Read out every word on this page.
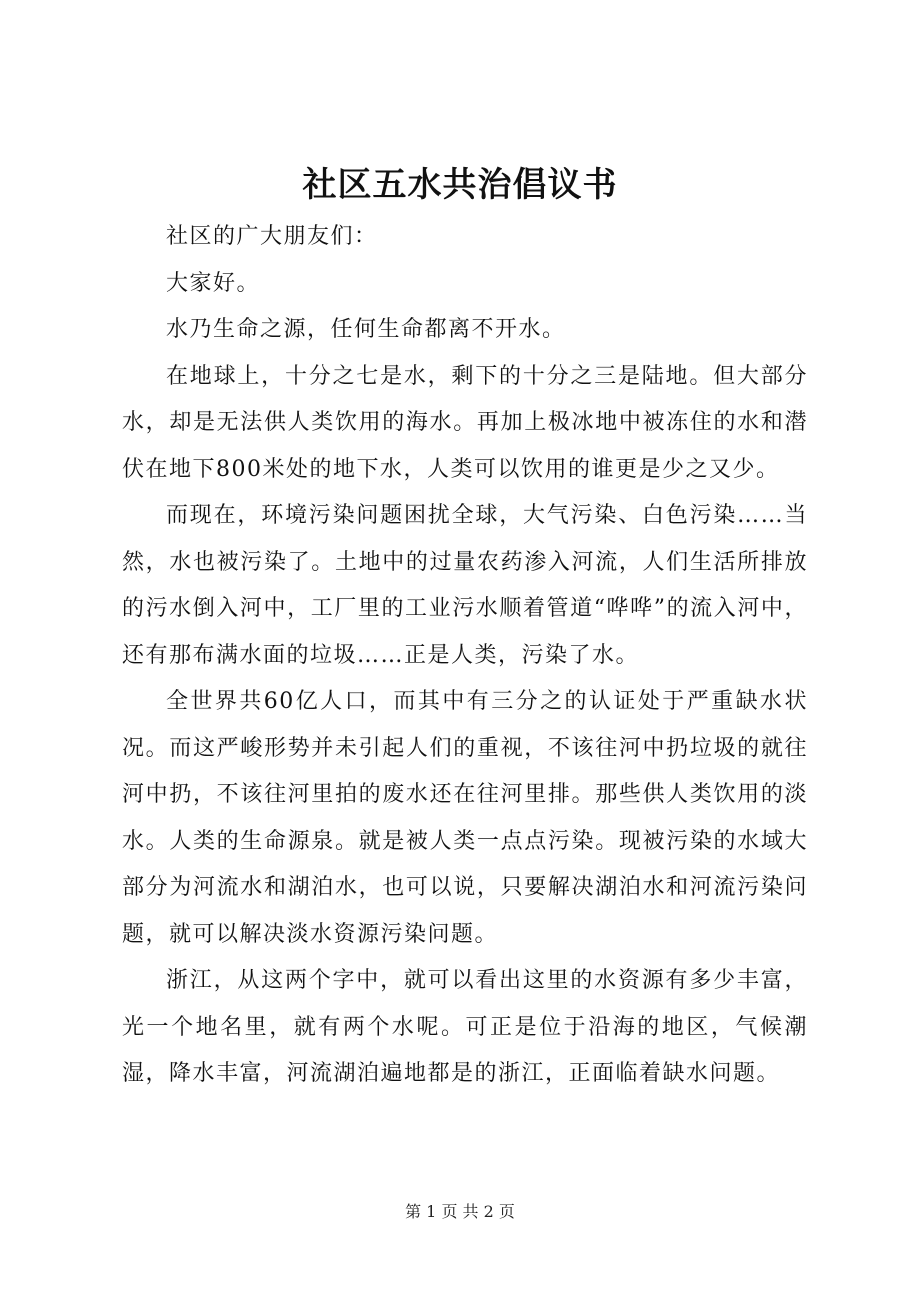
社区五水共治倡议书

社区的广大朋友们：

大家好。

水乃生命之源，任何生命都离不开水。

在地球上，十分之七是水，剩下的十分之三是陆地。但大部分水，却是无法供人类饮用的海水。再加上极冰地中被冻住的水和潜伏在地下800米处的地下水，人类可以饮用的谁更是少之又少。

而现在，环境污染问题困扰全球，大气污染、白色污染……当然，水也被污染了。土地中的过量农药渗入河流，人们生活所排放的污水倒入河中，工厂里的工业污水顺着管道“哗哗”的流入河中，还有那布满水面的垃圾……正是人类，污染了水。

全世界共60亿人口，而其中有三分之的认证处于严重缺水状况。而这严峻形势并未引起人们的重视，不该往河中扔垃圾的就往河中扔，不该往河里拍的废水还在往河里排。那些供人类饮用的淡水。人类的生命源泉。就是被人类一点点污染。现被污染的水域大部分为河流水和湖泊水，也可以说，只要解决湖泊水和河流污染问题，就可以解决淡水资源污染问题。

浙江，从这两个字中，就可以看出这里的水资源有多少丰富，光一个地名里，就有两个水呢。可正是位于沿海的地区，气候潮湿，降水丰富，河流湖泊遍地都是的浙江，正面临着缺水问题。

第 1 页 共 2 页
